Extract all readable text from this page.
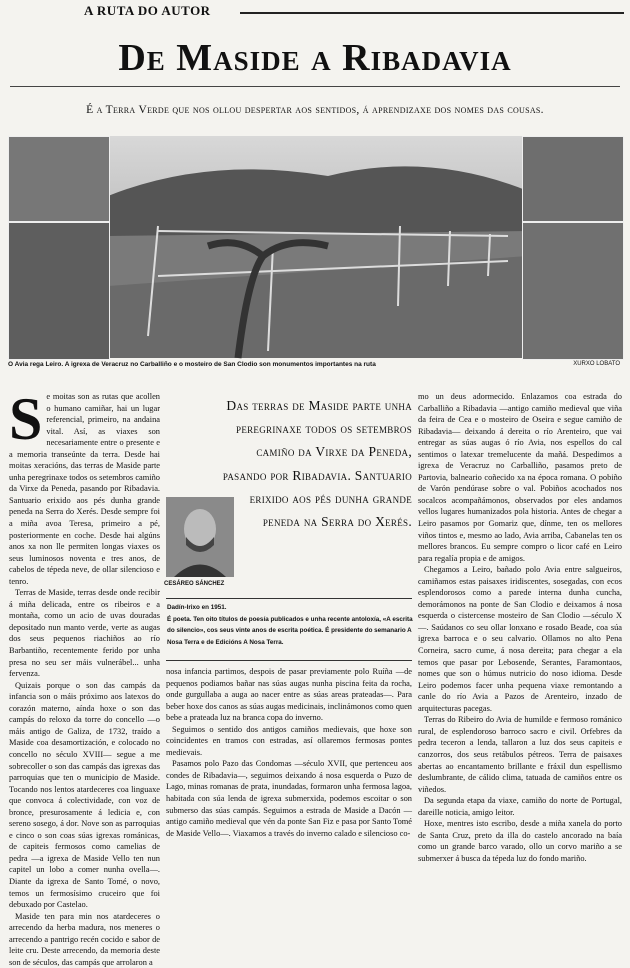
A RUTA DO AUTOR
De Maside a Ribadavia
É a Terra Verde que nos ollou despertar aos sentidos, á aprendizaxe dos nomes das cousas.
O Avia rega Leiro. A igrexa de Veracruz no Carballiño e o mosteiro de San Clodio son monumentos importantes na ruta	XURXO LOBATO

Se moitas son as rutas que acollen o humano camiñar, hai un lugar referencial, primeiro, na andaina vital. Así, as viaxes son necesariamente entre o presente e a memoria transeúnte da terra. Desde hai moitas xeracións, das terras de Maside parte unha peregrinaxe todos os setembros camiño da Virxe da Peneda, pasando por Ribadavia. Santuario erixido aos pés dunha grande peneda na Serra do Xerés. Desde sempre foi a miña avoa Teresa, primeiro a pé, posteriormente en coche. Desde hai algúns anos xa non lle permiten longas viaxes os seus luminosos noventa e tres anos, de cabelos de tépeda neve, de ollar silencioso e tenro.

Terras de Maside, terras desde onde recibir á miña delicada, entre os ribeiros e a montaña, como un acio de uvas douradas depositado nun manto verde, verte as augas dos seus pequenos riachiños ao río Barbantiño, recentemente ferido por unha presa no seu ser máis vulnerábel... unha fervenza.

Quizais porque o son das campás da infancia son o máis próximo aos latexos do corazón materno, aínda hoxe o son das campás do reloxo da torre do concello —o máis antigo de Galiza, de 1732, traído a Maside coa desamortización, e colocado no concello no século XVIII— segue a me sobrecoller o son das campás das igrexas das parroquias que ten o municipio de Maside. Tocando nos lentos atardeceres coa linguaxe que convoca á colectividade, con voz de bronce, presurosamente á ledicia e, con sereno sosego, á dor. Nove son as parroquias e cinco o son coas súas igrexas románicas, de capiteis fermosos como camelias de pedra —a igrexa de Maside Vello ten nun capitel un lobo a comer nunha ovella—. Diante da igrexa de Santo Tomé, o novo, temos un fermosísimo cruceiro que foi debuxado por Castelao.

Maside ten para min nos atardeceres o arrecendo da herba madura, nos meneres o arrecendo a pantrigo recén cocido e sabor de leite cru. Deste arrecendo, da memoria deste son de séculos, das campás que arrolaron a

Das terras de Maside parte unha peregrinaxe todos os setembros camiño da Virxe da Peneda, pasando por Ribadavia. Santuario erixido aos pés dunha grande peneda na Serra do Xerés.
CESÁREO SÁNCHEZ

Dadín-Irixo en 1951.

É poeta. Ten oito títulos de poesía publicados e unha recente antoloxía, «A escrita do silencio», cos seus vinte anos de escrita poética. É presidente do semanario A Nosa Terra e de Edicións A Nosa Terra.

nosa infancia partimos, despois de pasar previamente polo Ruíña —de pequenos podiamos bañar nas súas augas nunha piscina feita da rocha, onde gurgullaba a auga ao nacer entre as súas areas prateadas—. Para beber hoxe dos canos as súas augas medicinais, inclinámonos como quen bebe a prateada luz na branca copa do inverno.

Seguimos o sentido dos antigos camiños medievais, que hoxe son coincidentes en tramos con estradas, así ollaremos fermosas pontes medievais.

Pasamos polo Pazo das Condomas —século XVII, que pertenceu aos condes de Ribadavia—, seguimos deixando á nosa esquerda o Puzo de Lago, minas romanas de prata, inundadas, formaron unha fermosa lagoa, habitada con súa lenda de igrexa submerxida, podemos escoitar o son submerso das súas campás. Seguimos a estrada de Maside a Dacón —antigo camiño medieval que vén da ponte San Fiz e pasa por Santo Tomé de Maside Vello—. Viaxamos a través do inverno calado e silencioso co-

mo un deus adormecido. Enlazamos coa estrada do Carballiño a Ribadavia —antigo camiño medieval que viña da feira de Cea e o mosteiro de Oseira e segue camiño de Ribadavia— deixando á dereita o río Arenteiro, que vai entregar as súas augas ó río Avia, nos espellos do cal sentimos o latexar tremelucente da mañá. Despedimos a igrexa de Veracruz no Carballiño, pasamos preto de Partovia, balneario coñecido xa na época romana. O pobiño de Varón pendúrase sobre o val. Pobiños acochados nos socalcos acompañámonos, observados por eles andamos vellos lugares humanizados pola historia. Antes de chegar a Leiro pasamos por Gomariz que, dínme, ten os mellores viños tintos e, mesmo ao lado, Avia arriba, Cabanelas ten os mellores brancos. Eu sempre compro o licor café en Leiro para regalía propia e de amigos.

Chegamos a Leiro, bañado polo Avia entre salgueiros, camiñamos estas paisaxes iridiscentes, sosegadas, con ecos esplendorosos como a parede interna dunha cuncha, demorámonos na ponte de San Clodio e deixamos á nosa esquerda o cistercense mosteiro de San Clodio —século X—. Saúdanos co seu ollar lonxano e rosado Beade, coa súa igrexa barroca e o seu calvario. Ollamos no alto Pena Corneira, sacro cume, á nosa dereita; para chegar a ela temos que pasar por Lebosende, Serantes, Faramontaos, nomes que son o húmus nutricio do noso idioma. Desde Leiro podemos facer unha pequena viaxe remontando a canle do río Avia a Pazos de Arenteiro, inzado de arquitecturas pacegas.

Terras do Ribeiro do Avia de humilde e fermoso románico rural, de esplendoroso barroco sacro e civil. Orfebres da pedra teceron a lenda, tallaron a luz dos seus capiteis e canzorros, dos seus retábulos pétreos. Terra de paisaxes abertas ao encantamento brillante e fráxil dun espellismo deslumbrante, de cálido clima, tatuada de camiños entre os viñedos.

Da segunda etapa da viaxe, camiño do norte de Portugal, dareille noticia, amigo leitor.

Hoxe, mentres isto escribo, desde a miña xanela do porto de Santa Cruz, preto da illa do castelo ancorado na baía como un grande barco varado, ollo un corvo mariño a se submerxer á busca da tépeda luz do fondo mariño.
